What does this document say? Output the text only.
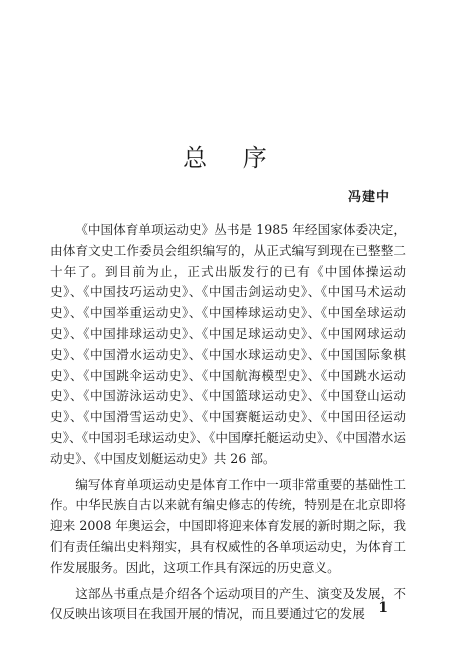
总 序
冯建中

《中国体育单项运动史》丛书是 1985 年经国家体委决定，由体育文史工作委员会组织编写的，从正式编写到现在已整整二十年了。到目前为止，正式出版发行的已有《中国体操运动史》、《中国技巧运动史》、《中国击剑运动史》、《中国马术运动史》、《中国举重运动史》、《中国棒球运动史》、《中国垒球运动史》、《中国排球运动史》、《中国足球运动史》、《中国网球运动史》、《中国滑水运动史》、《中国水球运动史》、《中国国际象棋史》、《中国跳伞运动史》、《中国航海模型史》、《中国跳水运动史》、《中国游泳运动史》、《中国篮球运动史》、《中国登山运动史》、《中国滑雪运动史》、《中国赛艇运动史》、《中国田径运动史》、《中国羽毛球运动史》、《中国摩托艇运动史》、《中国潜水运动史》、《中国皮划艇运动史》共 26 部。

编写体育单项运动史是体育工作中一项非常重要的基础性工作。中华民族自古以来就有编史修志的传统，特别是在北京即将迎来 2008 年奥运会，中国即将迎来体育发展的新时期之际，我们有责任编出史料翔实，具有权威性的各单项运动史，为体育工作发展服务。因此，这项工作具有深远的历史意义。

这部丛书重点是介绍各个运动项目的产生、演变及发展，不仅反映出该项目在我国开展的情况，而且要通过它的发展 1
